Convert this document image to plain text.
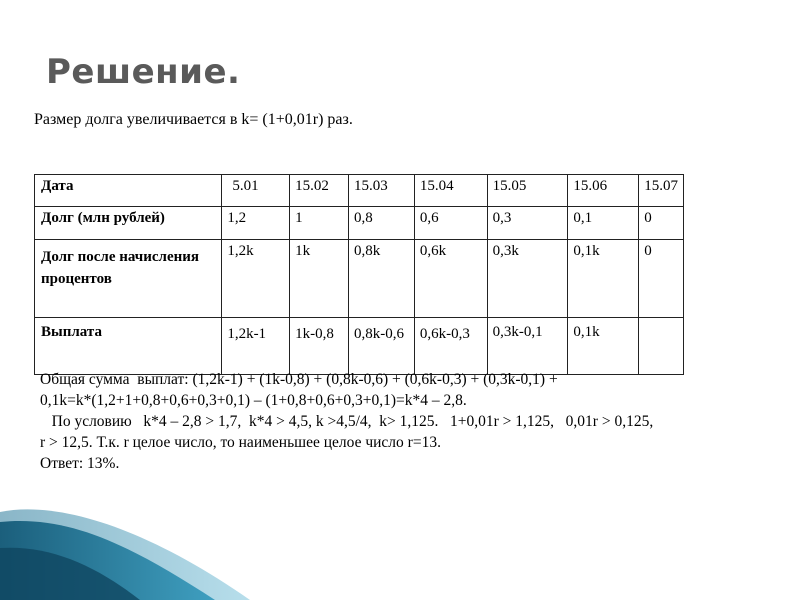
Решение.
Размер долга увеличивается в k= (1+0,01r) раз.
Дата	5.01	15.02	15.03	15.04	15.05	15.06	15.07
Долг (млн рублей)	1,2	1	0,8	0,6	0,3	0,1	0
Долг после начисления процентов	1,2k	1k	0,8k	0,6k	0,3k	0,1k	0
Выплата	1,2k-1	1k-0,8	0,8k-0,6	0,6k-0,3	0,3k-0,1	0,1k	

Общая сумма  выплат: (1,2k-1) + (1k-0,8) + (0,8k-0,6) + (0,6k-0,3) + (0,3k-0,1) +

0,1k=k*(1,2+1+0,8+0,6+0,3+0,1) – (1+0,8+0,6+0,3+0,1)=k*4 – 2,8.

По условию   k*4 – 2,8 > 1,7,  k*4 > 4,5, k >4,5/4,  k> 1,125.   1+0,01r > 1,125,   0,01r > 0,125,

r > 12,5. Т.к. r целое число, то наименьшее целое число r=13.

Ответ: 13%.
